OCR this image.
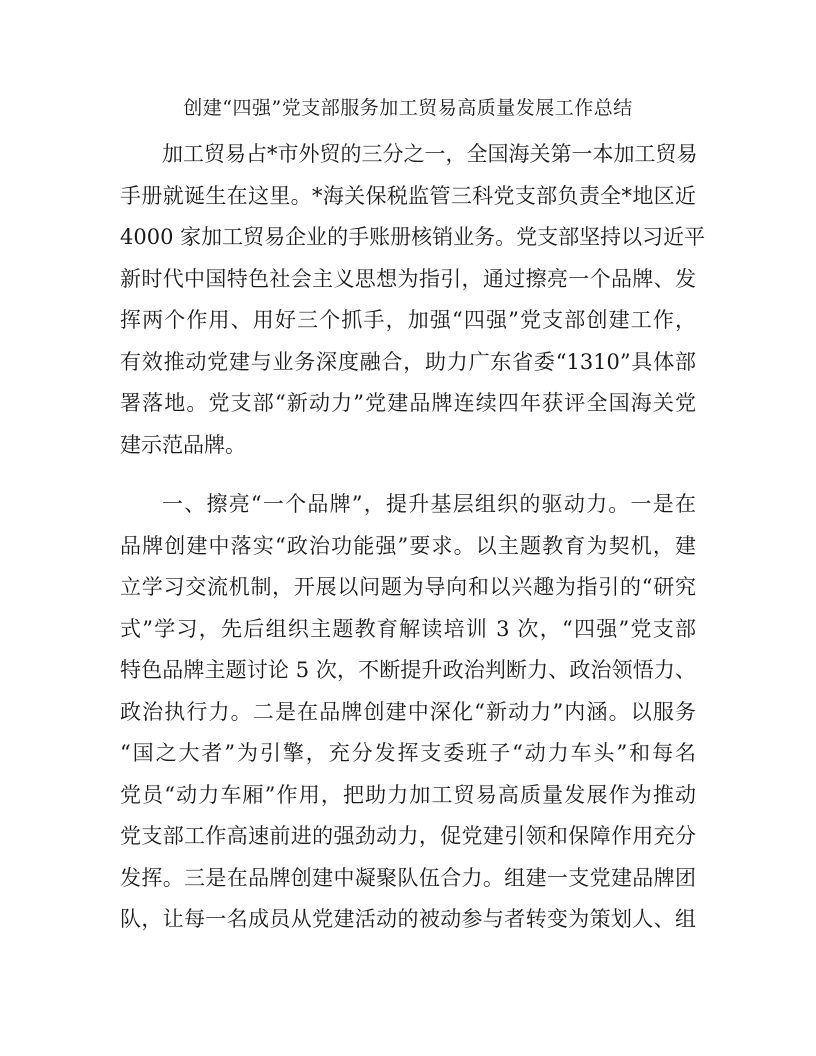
创建“四强”党支部服务加工贸易高质量发展工作总结
加工贸易占*市外贸的三分之一，全国海关第一本加工贸易
手册就诞生在这里。*海关保税监管三科党支部负责全*地区近
4000 家加工贸易企业的手账册核销业务。党支部坚持以习近平
新时代中国特色社会主义思想为指引，通过擦亮一个品牌、发
挥两个作用、用好三个抓手，加强“四强”党支部创建工作，
有效推动党建与业务深度融合，助力广东省委“1310”具体部
署落地。党支部“新动力”党建品牌连续四年获评全国海关党
建示范品牌。
一、擦亮“一个品牌”，提升基层组织的驱动力。一是在
品牌创建中落实“政治功能强”要求。以主题教育为契机，建
立学习交流机制，开展以问题为导向和以兴趣为指引的“研究
式”学习，先后组织主题教育解读培训 3 次，“四强”党支部
特色品牌主题讨论 5 次，不断提升政治判断力、政治领悟力、
政治执行力。二是在品牌创建中深化“新动力”内涵。以服务
“国之大者”为引擎，充分发挥支委班子“动力车头”和每名
党员“动力车厢”作用，把助力加工贸易高质量发展作为推动
党支部工作高速前进的强劲动力，促党建引领和保障作用充分
发挥。三是在品牌创建中凝聚队伍合力。组建一支党建品牌团
队，让每一名成员从党建活动的被动参与者转变为策划人、组
